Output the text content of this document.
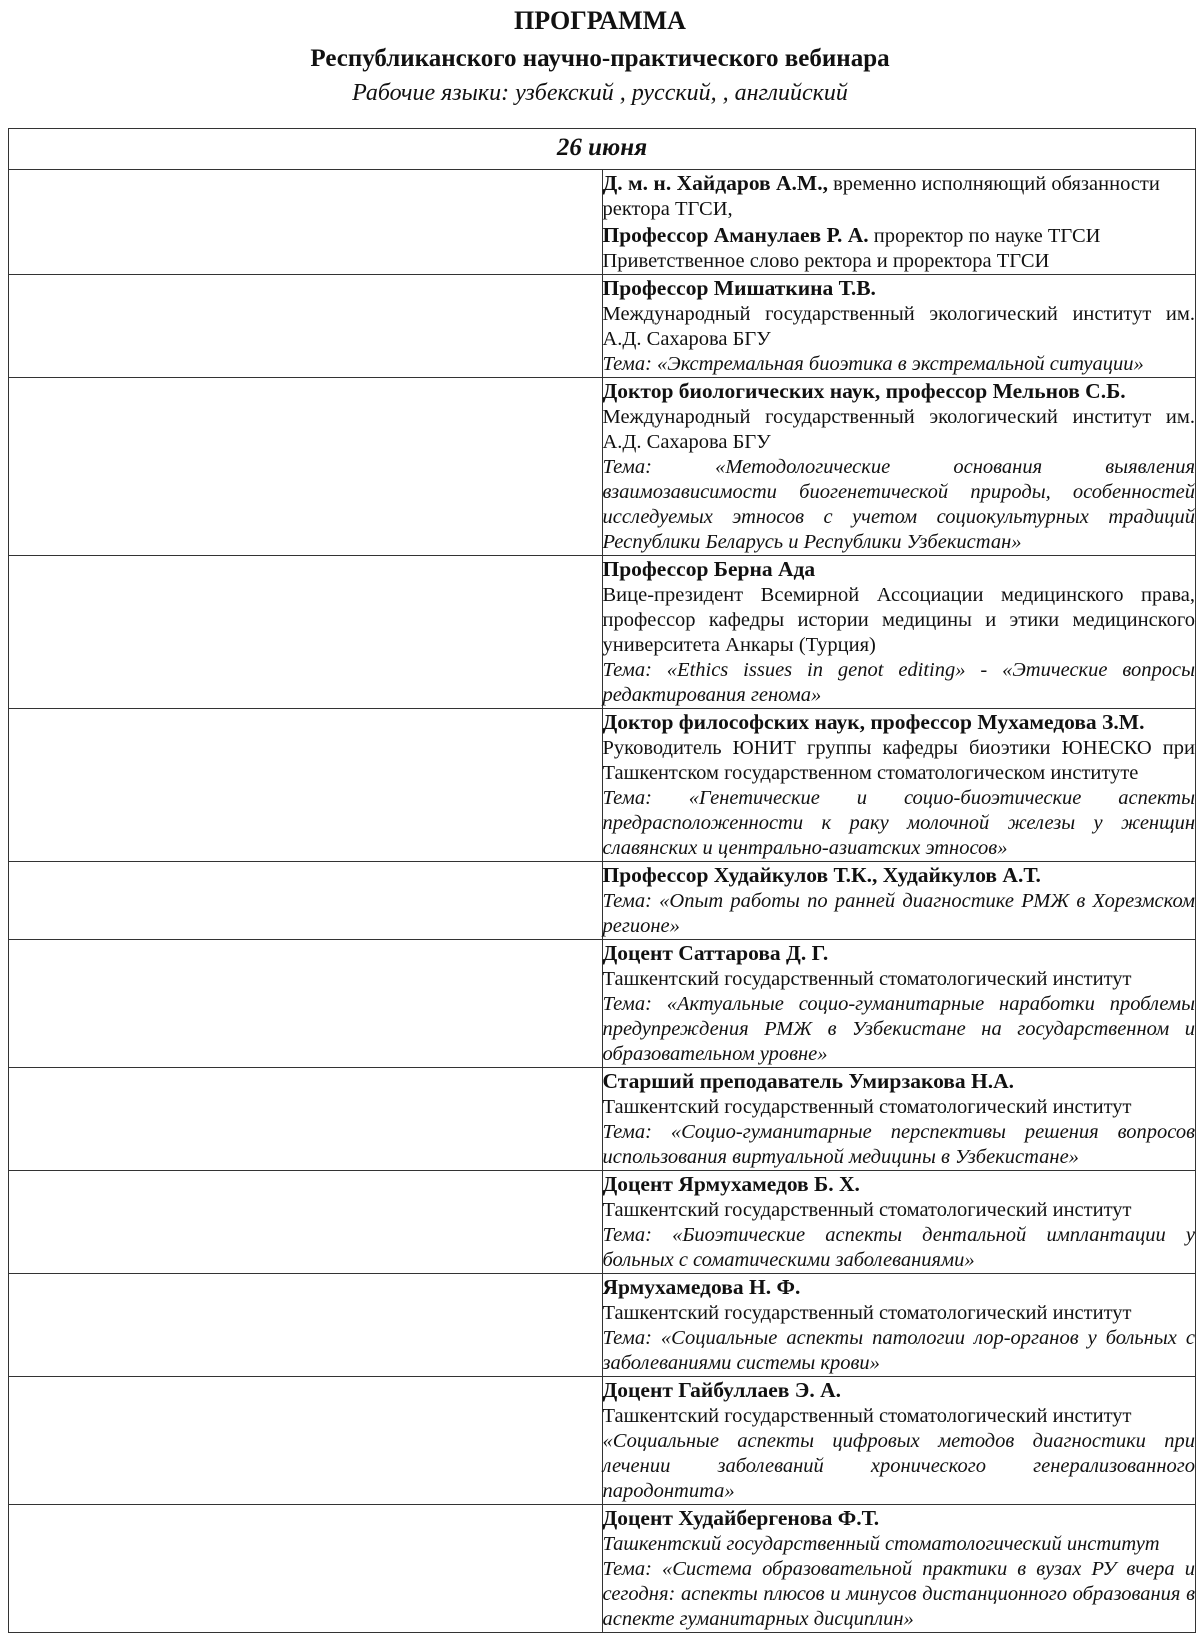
ПРОГРАММА
Республиканского научно-практического вебинара
Рабочие языки: узбекский , русский, , английский
26 июня	

	Д. м. н. Хайдаров А.М., временно исполняющий обязанности ректора ТГСИ,
Профессор Аманулаев Р. А. проректор по науке ТГСИ
Приветственное слово ректора и проректора ТГСИ

	Профессор Мишаткина Т.В.
Международный государственный экологический институт им. А.Д. Сахарова БГУ
Тема: «Экстремальная биоэтика в экстремальной ситуации»

	Доктор биологических наук, профессор Мельнов С.Б.
Международный государственный экологический институт им. А.Д. Сахарова БГУ
Тема: «Методологические основания выявления взаимозависимости биогенетической природы, особенностей исследуемых этносов с учетом социокультурных традиций Республики Беларусь и Республики Узбекистан»

	Профессор Берна Ада
Вице-президент Всемирной Ассоциации медицинского права, профессор кафедры истории медицины и этики медицинского университета Анкары (Турция)
Тема: «Ethics issues in genot editing» - «Этические вопросы редактирования генома»

	Доктор философских наук, профессор Мухамедова З.М.
Руководитель ЮНИТ группы кафедры биоэтики ЮНЕСКО при Ташкентском государственном стоматологическом институте
Тема: «Генетические и социо-биоэтические аспекты предрасположенности к раку молочной железы у женщин славянских и центрально-азиатских этносов»

	Профессор Худайкулов Т.К., Худайкулов А.Т.
Тема: «Опыт работы по ранней диагностике РМЖ в Хорезмском регионе»

	Доцент Саттарова Д. Г.
Ташкентский государственный стоматологический институт
Тема: «Актуальные социо-гуманитарные наработки проблемы предупреждения РМЖ в Узбекистане на государственном и образовательном уровне»

	Старший преподаватель Умирзакова Н.А.
Ташкентский государственный стоматологический институт
Тема: «Социо-гуманитарные перспективы решения вопросов использования виртуальной медицины в Узбекистане»

	Доцент Ярмухамедов Б. Х.
Ташкентский государственный стоматологический институт
Тема: «Биоэтические аспекты дентальной имплантации у больных с соматическими заболеваниями»

	Ярмухамедова Н. Ф.
Ташкентский государственный стоматологический институт
Тема: «Социальные аспекты патологии лор-органов у больных с заболеваниями системы крови»

	Доцент Гайбуллаев Э. А.
Ташкентский государственный стоматологический институт
«Социальные аспекты цифровых методов диагностики при лечении заболеваний хронического генерализованного пародонтита»

	Доцент Худайбергенова Ф.Т.
Ташкентский государственный стоматологический институт
Тема: «Система образовательной практики в вузах РУ вчера и сегодня: аспекты плюсов и минусов дистанционного образования в аспекте гуманитарных дисциплин»
